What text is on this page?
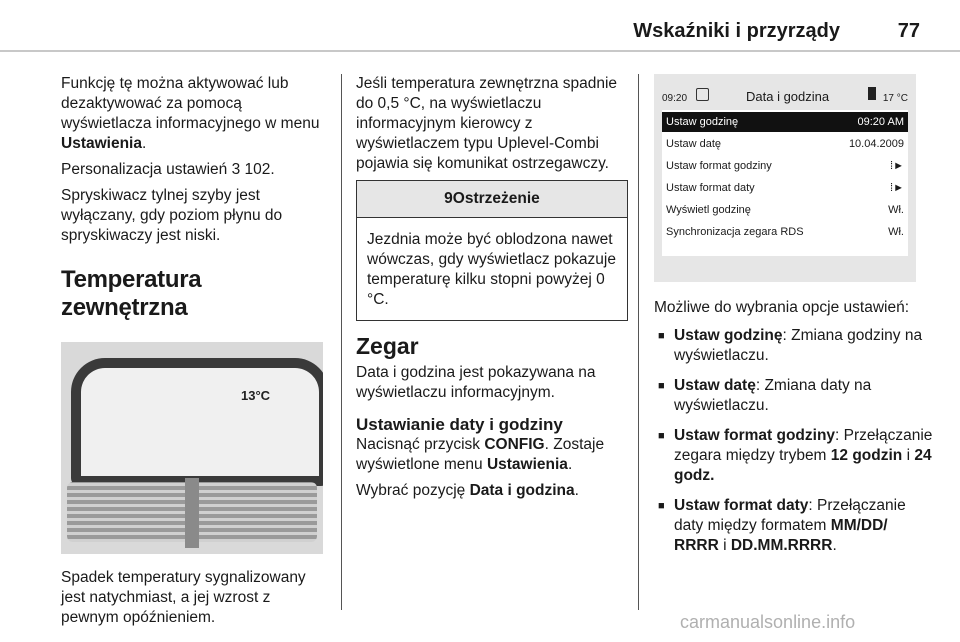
Wskaźniki i przyrządy	77

Funkcję tę można aktywować lub dezaktywować za pomocą wyświetlacza informacyjnego w menu Ustawienia.

Personalizacja ustawień 3 102.

Spryskiwacz tylnej szyby jest wyłączany, gdy poziom płynu do spryskiwaczy jest niski.

Temperatura zewnętrzna
13°C

Spadek temperatury sygnalizowany jest natychmiast, a jej wzrost z pewnym opóźnieniem.

Jeśli temperatura zewnętrzna spadnie do 0,5 °C, na wyświetlaczu informacyjnym kierowcy z wyświetlaczem typu Uplevel-Combi pojawia się komunikat ostrzegawczy.

9Ostrzeżenie
Jezdnia może być oblodzona nawet wówczas, gdy wyświetlacz pokazuje temperaturę kilku stopni powyżej 0 °C.
Zegar

Data i godzina jest pokazywana na wyświetlaczu informacyjnym.

Ustawianie daty i godziny

Nacisnąć przycisk CONFIG. Zostaje wyświetlone menu Ustawienia.

Wybrać pozycję Data i godzina.

09:20	Data i godzina	17 °C
Ustaw godzinę	09:20 AM
Ustaw datę	10.04.2009
Ustaw format godziny	⁞►
Ustaw format daty	⁞►
Wyświetl godzinę	Wł.
Synchronizacja zegara RDS	Wł.

Możliwe do wybrania opcje ustawień:

■ Ustaw godzinę: Zmiana godziny na wyświetlaczu.
■ Ustaw datę: Zmiana daty na wyświetlaczu.
■ Ustaw format godziny: Przełączanie zegara między trybem 12 godzin i 24 godz.
■ Ustaw format daty: Przełączanie daty między formatem MM/DD/ RRRR i DD.MM.RRRR.
carmanualsonline.info
